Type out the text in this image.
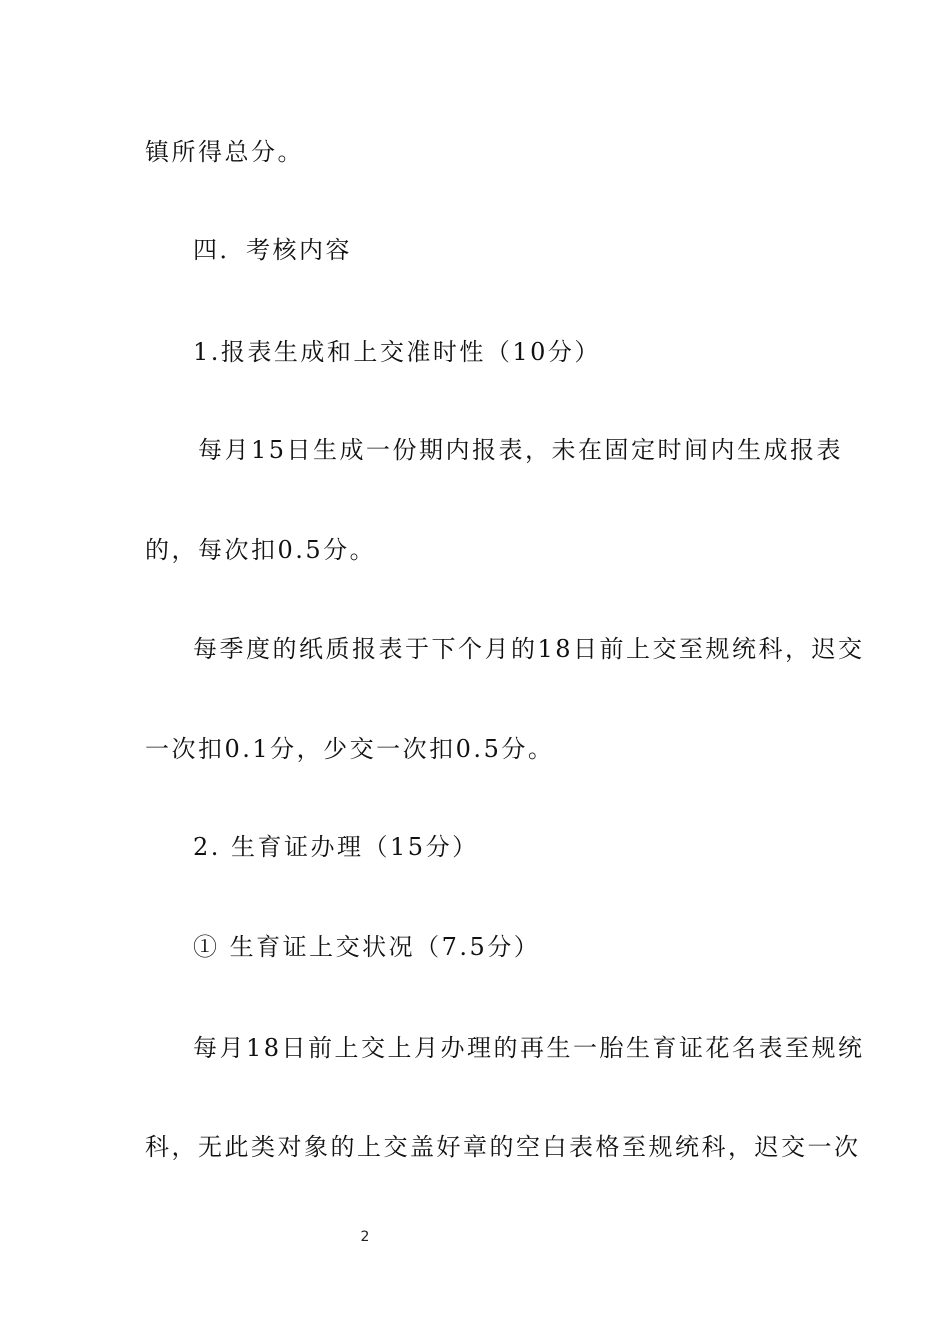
镇所得总分。
四．考核内容
1.报表生成和上交准时性（10分）
每月15日生成一份期内报表，未在固定时间内生成报表
的，每次扣0.5分。
每季度的纸质报表于下个月的18日前上交至规统科，迟交
一次扣0.1分，少交一次扣0.5分。
2. 生育证办理（15分）
① 生育证上交状况（7.5分）
每月18日前上交上月办理的再生一胎生育证花名表至规统
科，无此类对象的上交盖好章的空白表格至规统科，迟交一次
2
